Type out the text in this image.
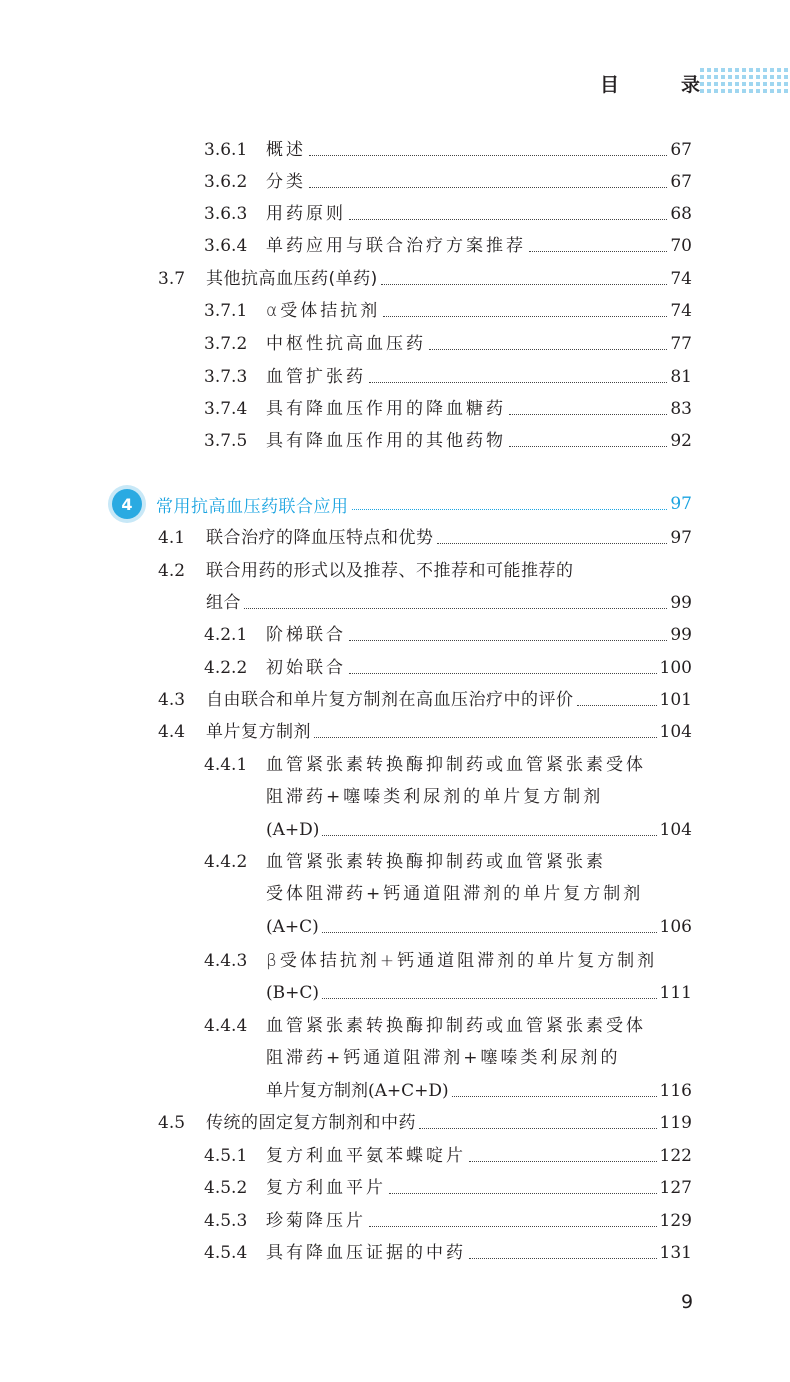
目	录
3.6.1	概述	67
3.6.2	分类	67
3.6.3	用药原则	68
3.6.4	单药应用与联合治疗方案推荐	70
3.7	其他抗高血压药(单药)	74
3.7.1	α受体拮抗剂	74
3.7.2	中枢性抗高血压药	77
3.7.3	血管扩张药	81
3.7.4	具有降血压作用的降血糖药	83
3.7.5	具有降血压作用的其他药物	92
4	常用抗高血压药联合应用	97
4.1	联合治疗的降血压特点和优势	97
4.2	联合用药的形式以及推荐、不推荐和可能推荐的
组合	99
4.2.1	阶梯联合	99
4.2.2	初始联合	100
4.3	自由联合和单片复方制剂在高血压治疗中的评价	101
4.4	单片复方制剂	104
4.4.1	血管紧张素转换酶抑制药或血管紧张素受体
阻滞药+噻嗪类利尿剂的单片复方制剂
(A+D)	104
4.4.2	血管紧张素转换酶抑制药或血管紧张素
受体阻滞药+钙通道阻滞剂的单片复方制剂
(A+C)	106
4.4.3	β受体拮抗剂+钙通道阻滞剂的单片复方制剂
(B+C)	111
4.4.4	血管紧张素转换酶抑制药或血管紧张素受体
阻滞药+钙通道阻滞剂+噻嗪类利尿剂的
单片复方制剂(A+C+D)	116
4.5	传统的固定复方制剂和中药	119
4.5.1	复方利血平氨苯蝶啶片	122
4.5.2	复方利血平片	127
4.5.3	珍菊降压片	129
4.5.4	具有降血压证据的中药	131
9
